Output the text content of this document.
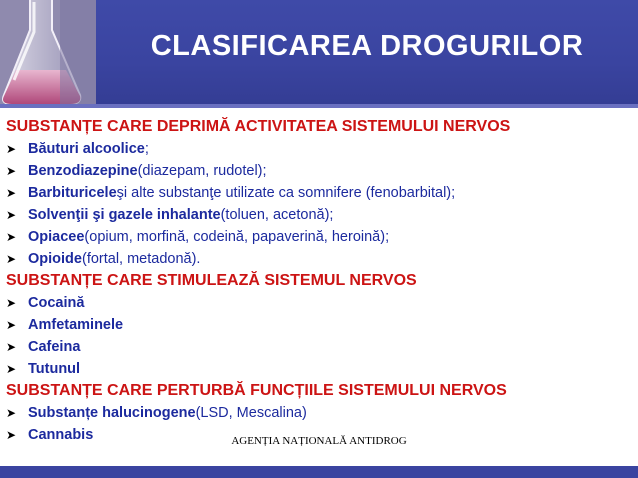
CLASIFICAREA DROGURILOR
SUBSTANȚE CARE DEPRIMĂ ACTIVITATEA SISTEMULUI NERVOS
➤ Băuturi alcoolice ;
➤ Benzodiazepine (diazepam, rudotel);
➤ Barbituricele şi alte substanţe utilizate ca somnifere (fenobarbital);
➤ Solvenţii şi gazele inhalante (toluen, acetonă);
➤ Opiacee (opium, morfină, codeină, papaverină, heroină);
➤ Opioide (fortal, metadonă).
SUBSTANȚE CARE STIMULEAZĂ SISTEMUL NERVOS
➤ Cocaină
➤ Amfetaminele
➤ Cafeina
➤ Tutunul
SUBSTANȚE CARE PERTURBĂ FUNCȚIILE SISTEMULUI NERVOS
➤ Substanțe halucinogene (LSD, Mescalina)
➤ Cannabis	AGENȚIA NAȚIONALĂ ANTIDROG
